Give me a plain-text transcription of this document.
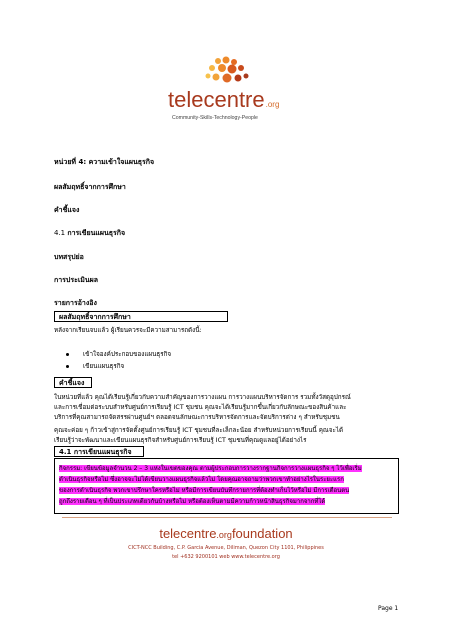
telecentre.org
Community-Skills-Technology-People
หน่วยที่ 4: ความเข้าใจแผนธุรกิจ
ผลสัมฤทธิ์จากการศึกษา
คำชี้แจง
4.1 การเขียนแผนธุรกิจ
บทสรุปย่อ
การประเมินผล
รายการอ้างอิง
ผลสัมฤทธิ์จากการศึกษา
หลังจากเรียนจบแล้ว ผู้เรียนควรจะมีความสามารถดังนี้:
เข้าใจองค์ประกอบของแผนธุรกิจ
เขียนแผนธุรกิจ
คำชี้แจง
ในหน่วยที่แล้ว คุณได้เรียนรู้เกี่ยวกับความสำคัญของการวางแผน การวางแผนบริหารจัดการ รวมทั้งวัสดุอุปกรณ์
และการเชื่อมต่อระบบสำหรับศูนย์การเรียนรู้ ICT ชุมชน คุณจะได้เรียนรู้มากขึ้นเกี่ยวกับลักษณะของสินค้าและ
บริการที่คุณสามารถจัดสรรผ่านศูนย์ฯ ตลอดจนลักษณะการบริหารจัดการและจัดบริการต่าง ๆ สำหรับชุมชน
คุณจะค่อย ๆ ก้าวเข้าสู่การจัดตั้งศูนย์การเรียนรู้ ICT ชุมชนที่ละเล็กละน้อย สำหรับหน่วยการเรียนนี้ คุณจะได้
เรียนรู้ว่าจะพัฒนาและเขียนแผนธุรกิจสำหรับศูนย์การเรียนรู้ ICT ชุมชนที่คุณดูแลอยู่ได้อย่างไร
4.1 การเขียนแผนธุรกิจ
กิจกรรม: เขียนข้อมูลจำนวน 2 – 3 แห่งในเขตของคุณ ตามผู้ประกอบการวางรากฐานกิจการวางแผนธุรกิจ ๆ ไว้เพื่อเริ่ม
ดำเนินธุรกิจหรือไม่ ซึ่งอาจจะไม่ได้เขียนวางแผนธุรกิจแล้วไม่ โดยคุณอาจถามว่าพวกเขาทำอย่างไรในระยะแรก
ของการดำเนินธุรกิจ พวกเขาปรึกษาใครหรือไม่ หรือมีการเขียนบันทึกรายการที่ต้องทำเก็บไว้หรือไม่ มีการเตือนตน
ถูกถึงรายเดือน ๆ ที่เป็นประเภทเดียวกันบ้างหรือไม่ หรือต้องเห็นตามมีความก้าวหน้าสินธุรกิจมากจากที่ได้
telecentre.orgfoundation
CICT-NCC Building, C.P. Garcia Avenue, Diliman, Quezon City 1101, Philippines
tel +632 9200101 web www.telecentre.org
Page 1
